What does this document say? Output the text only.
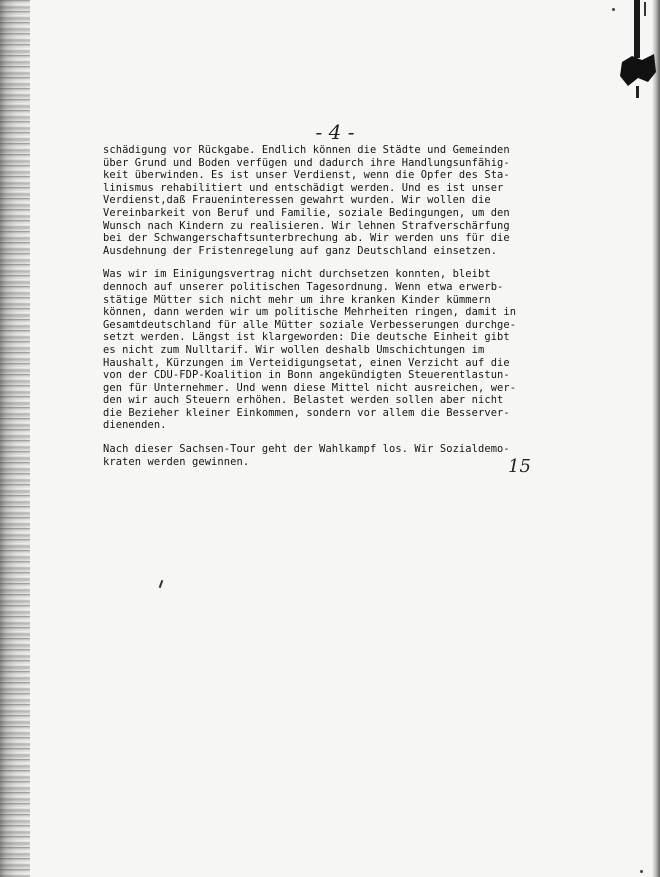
- 4 -
schädigung vor Rückgabe. Endlich können die Städte und Gemeinden
über Grund und Boden verfügen und dadurch ihre Handlungsunfähig-
keit überwinden. Es ist unser Verdienst, wenn die Opfer des Sta-
linismus rehabilitiert und entschädigt werden. Und es ist unser
Verdienst,daß Fraueninteressen gewahrt wurden. Wir wollen die
Vereinbarkeit von Beruf und Familie, soziale Bedingungen, um den
Wunsch nach Kindern zu realisieren. Wir lehnen Strafverschärfung
bei der Schwangerschaftsunterbrechung ab. Wir werden uns für die
Ausdehnung der Fristenregelung auf ganz Deutschland einsetzen.
Was wir im Einigungsvertrag nicht durchsetzen konnten, bleibt
dennoch auf unserer politischen Tagesordnung. Wenn etwa erwerb-
stätige Mütter sich nicht mehr um ihre kranken Kinder kümmern
können, dann werden wir um politische Mehrheiten ringen, damit in
Gesamtdeutschland für alle Mütter soziale Verbesserungen durchge-
setzt werden. Längst ist klargeworden: Die deutsche Einheit gibt
es nicht zum Nulltarif. Wir wollen deshalb Umschichtungen im
Haushalt, Kürzungen im Verteidigungsetat, einen Verzicht auf die
von der CDU-FDP-Koalition in Bonn angekündigten Steuerentlastun-
gen für Unternehmer. Und wenn diese Mittel nicht ausreichen, wer-
den wir auch Steuern erhöhen. Belastet werden sollen aber nicht
die Bezieher kleiner Einkommen, sondern vor allem die Besserver-
dienenden.
Nach dieser Sachsen-Tour geht der Wahlkampf los. Wir Sozialdemo-
kraten werden gewinnen.	15
